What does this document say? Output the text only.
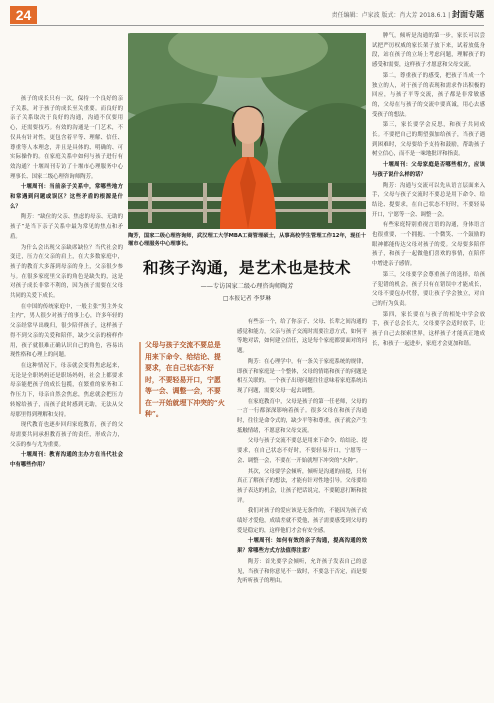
24	责任编辑：卢家波 版式：肖大芳 2018.6.1 | 封面专题

孩子的成长只有一次，保持一个良好的亲子关系，对于孩子的成长至关重要。而良好的亲子关系取决于良好的沟通，沟通不仅要用心，还需要技巧。有效的沟通是一门艺术，不仅具有针对性，更包含着平等、理解、信任、尊重等人本理念，并且是具体的、明确的、可实际操作的。在家庭关系中如何与孩子进行有效沟通？十堰周刊专访了十堰市心理服务中心理事长、国家二级心理咨询师陶芳。

十堰周刊：当前亲子关系中，常哪些地方和常遇到问题或误区？这些矛盾的根源是什么？

陶芳：“缺位的父亲、焦虑的母亲、无助的孩子”是当下亲子关系中最为常见的焦点和矛盾。

为什么会出现父亲缺席缺位？当代社会的变迁，压力在父亲的肩上，在大多数家庭中，孩子的教育大多落到母亲的身上，父亲很少参与。在很多家庭里父亲的角色是缺失的，这是对孩子成长非常不利的，因为孩子需要在父母共同的关爱下成长。

在中国的传统家庭中，一般主张“男主外女主内”，男人很少对孩子的事上心，许多年轻的父亲经常早出晚归，很少陪伴孩子，这样孩子得不到父亲的关爱和陪伴，缺少父亲的榜样作用，孩子就很难正确认识自己的角色，容易出现性格和心理上的问题。

在这种情况下，母亲就会变得焦虑起来，无论是全职妈妈还是职场妈妈，社会上都要求母亲能把孩子的成长包揽，在繁重的家务和工作压力下，母亲自然会焦虑，焦虑就会把压力转嫁给孩子，而孩子此时感到无助，无法从父母那里得到理解和支持。

现代教育也逐步回归家庭教育，孩子的父母需要共同承担教育孩子的责任，形成合力，父亲的参与尤为重要。

十堰周刊：教育沟通的主办方在当代社会中有哪些作用？

陶芳，国家二级心理咨询师，武汉理工大学MBA工商管理硕士，从事高校学生管理工作12年，现任十堰市心理服务中心理事长。
和孩子沟通，是艺术也是技术
——专访国家二级心理咨询师陶芳
□本报记者 李梦琳
父母与孩子交流不要总是用来下命令、给结论、提要求，在自己状态不好时，不要轻易开口，宁愿等一会、调整一会，不要在一开始就埋下冲突的“火种”。

有些亲一个，给了你亲子、父母、长辈之间沟通的感觉和能力，父亲与孩子交流时需要注意方式，如何平等地对话，如何建立信任，这是每个家庭都要面对的问题。

陶芳：在心理学中，有一条关于家庭系统的规律，即孩子和家庭是一个整体，父母的情绪和孩子的问题是相互关联的。一个孩子出现问题往往意味着家庭系统出现了问题，需要父母一起去调整。

在家庭教育中，父母是孩子的第一任老师，父母的一言一行都深深影响着孩子。很多父母在和孩子沟通时，往往是命令式的，缺少平等和尊重，孩子就会产生抵触情绪，不愿意和父母交流。

父母与孩子交流不要总是用来下命令、给结论、提要求，在自己状态不好时，不要轻易开口，宁愿等一会、调整一会，不要在一开始就埋下冲突的“火种”。

其次，父母要学会倾听，倾听是沟通的前提，只有真正了解孩子的想法，才能有针对性地引导。父母要给孩子表达的机会，让孩子把话说完，不要随意打断和批评。

我们对孩子的爱应该是无条件的，不能因为孩子成绩好才爱他，成绩差就不爱他，孩子需要感受到父母的爱是稳定的，这样他们才会有安全感。

十堰周刊：如何有效的亲子沟通，提高沟通的效果？常哪些方式方法值得注意？

陶芳：首先要学会倾听，允许孩子发表自己的意见，当孩子和你意见不一致时，不要急于否定，而是要先听听孩子的理由。

脾气，倾听是沟通的第一步，家长可以尝试把严厉权威的家长架子放下来，试着放低身段，站在孩子的立场上考虑问题，理解孩子的感受和需要，这样孩子才愿意和父母交流。

第二，尊重孩子的感受，把孩子当成一个独立的人，对于孩子的表现和需求作出积极的回应，与孩子平等交流，孩子都是非常敏感的，父母在与孩子的交流中要真诚，用心去感受孩子的想法。

第三，家长要学会反思，和孩子共同成长。不要把自己的期望强加给孩子，当孩子遇到困难时，父母要给予支持和鼓励，帮助孩子树立信心，而不是一味地批评和指责。

十堰周刊：父母家庭是否哪些相方，应该与孩子说什么样的话？

陶芳：沟通与交流可以先从语言层面来入手，父母与孩子交流时不要总是用下命令、给结论、提要求，在自己状态不好时，不要轻易开口，宁愿等一会、调整一会。

有些家庭特别重视言语的沟通，身体语言也很重要，一个拥抱、一个微笑、一个鼓励的眼神都能传达父母对孩子的爱。父母要多陪伴孩子，和孩子一起做他们喜欢的事情，在陪伴中增进亲子感情。

第三，父母要学会尊重孩子的选择，给孩子犯错的机会，孩子只有在错误中才能成长，父母不要包办代替，要让孩子学会独立，对自己的行为负责。

第四，家长要在与孩子的相处中学会放手，孩子总会长大，父母要学会适时放手，让孩子自己去探索世界，这样孩子才能真正地成长，和孩子一起进步，家庭才会更加和谐。
